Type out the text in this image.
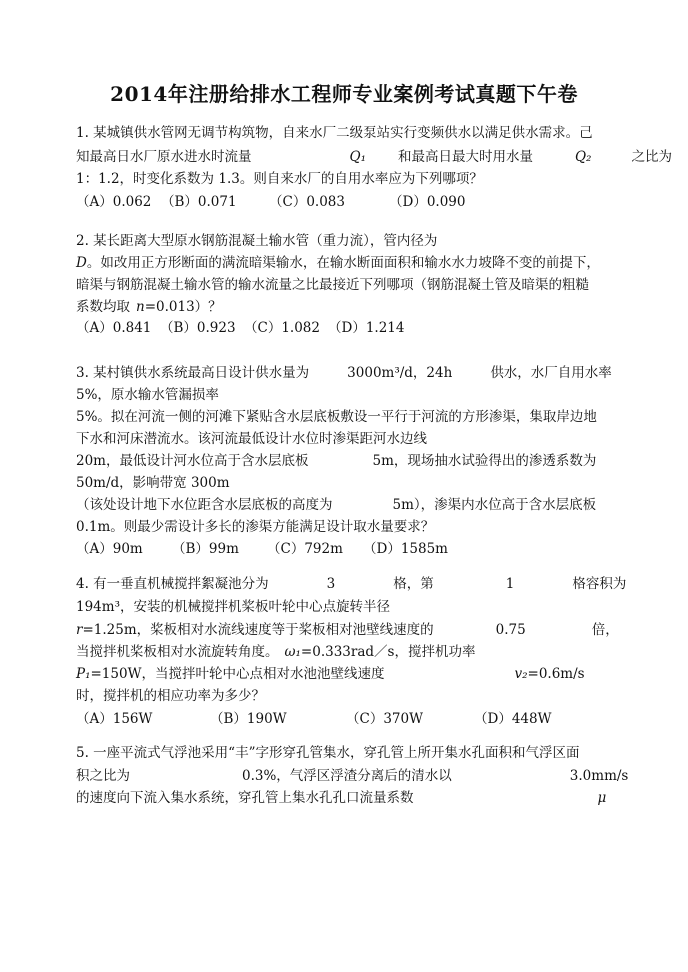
2014年注册给排水工程师专业案例考试真题下午卷
1. 某城镇供水管网无调节构筑物，自来水厂二级泵站实行变频供水以满足供水需求。己
知最高日水厂原水进水时流量	Q₁ 和最高日最大时用水量	Q₂	之比为
1：1.2，时变化系数为 1.3。则自来水厂的自用水率应为下列哪项？
（A）0.062 （B）0.071 （C）0.083	（D）0.090
2. 某长距离大型原水钢筋混凝土输水管（重力流），管内径为
D。如改用正方形断面的满流暗渠输水，在输水断面面积和输水水力坡降不变的前提下，
暗渠与钢筋混凝土输水管的输水流量之比最接近下列哪项（钢筋混凝土管及暗渠的粗糙
系数均取 n=0.013）？
（A）0.841 （B）0.923 （C）1.082 （D）1.214
3. 某村镇供水系统最高日设计供水量为	3000m³/d，24h	供水，水厂自用水率
5%，原水输水管漏损率
5%。拟在河流一侧的河滩下紧贴含水层底板敷设一平行于河流的方形渗渠，集取岸边地
下水和河床潜流水。该河流最低设计水位时渗渠距河水边线
20m，最低设计河水位高于含水层底板	5m，现场抽水试验得出的渗透系数为
50m/d，影响带宽 300m
（该处设计地下水位距含水层底板的高度为	5m），渗渠内水位高于含水层底板
0.1m。则最少需设计多长的渗渠方能满足设计取水量要求？
（A）90m （B）99m （C）792m （D）1585m
4. 有一垂直机械搅拌絮凝池分为	3	格，第	1	格容积为
194m³，安装的机械搅拌机桨板叶轮中心点旋转半径
r=1.25m，桨板相对水流线速度等于桨板相对池壁线速度的	0.75	倍，
当搅拌机桨板相对水流旋转角度。 ω₁=0.333rad／s，搅拌机功率
P₁=150W，当搅拌叶轮中心点相对水池池壁线速度	v₂=0.6m/s
时，搅拌机的相应功率为多少？
（A）156W	（B）190W	（C）370W	（D）448W
5. 一座平流式气浮池采用“丰”字形穿孔管集水，穿孔管上所开集水孔面积和气浮区面
积之比为	0.3%，气浮区浮渣分离后的清水以	3.0mm/s
的速度向下流入集水系统，穿孔管上集水孔孔口流量系数	μ
